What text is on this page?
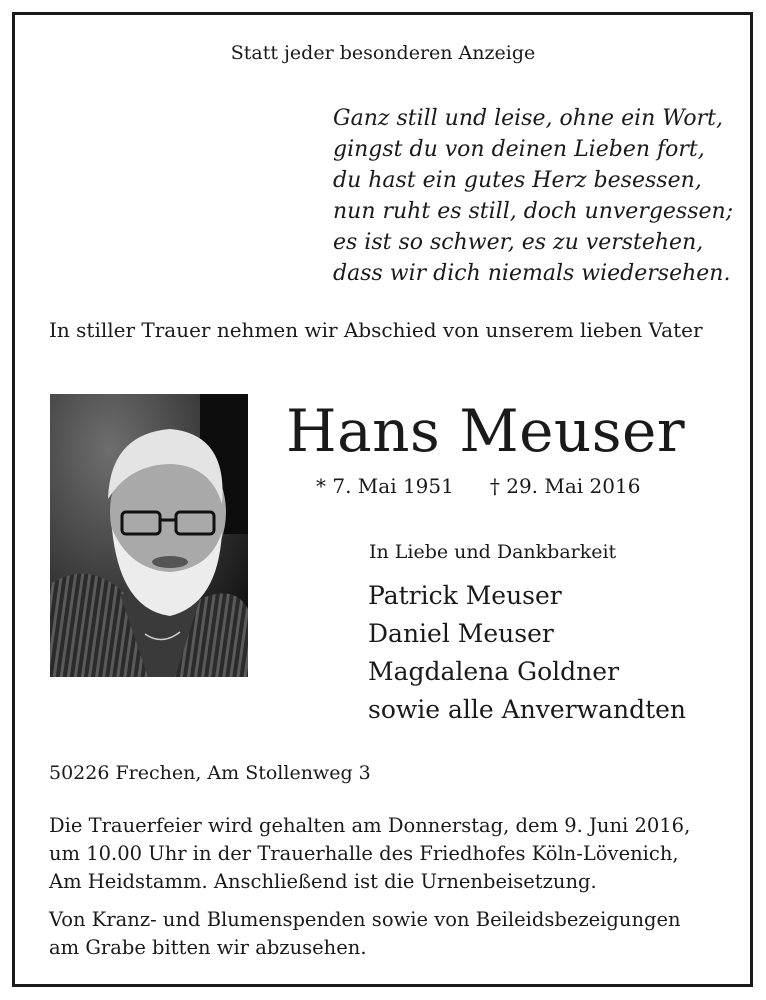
Statt jeder besonderen Anzeige
Ganz still und leise, ohne ein Wort,
gingst du von deinen Lieben fort,
du hast ein gutes Herz besessen,
nun ruht es still, doch unvergessen;
es ist so schwer, es zu verstehen,
dass wir dich niemals wiedersehen.
In stiller Trauer nehmen wir Abschied von unserem lieben Vater
Hans Meuser
* 7. Mai 1951 † 29. Mai 2016
In Liebe und Dankbarkeit
Patrick Meuser
Daniel Meuser
Magdalena Goldner
sowie alle Anverwandten
50226 Frechen, Am Stollenweg 3
Die Trauerfeier wird gehalten am Donnerstag, dem 9. Juni 2016,
um 10.00 Uhr in der Trauerhalle des Friedhofes Köln-Lövenich,
Am Heidstamm. Anschließend ist die Urnenbeisetzung.
Von Kranz- und Blumenspenden sowie von Beileidsbezeigungen
am Grabe bitten wir abzusehen.
